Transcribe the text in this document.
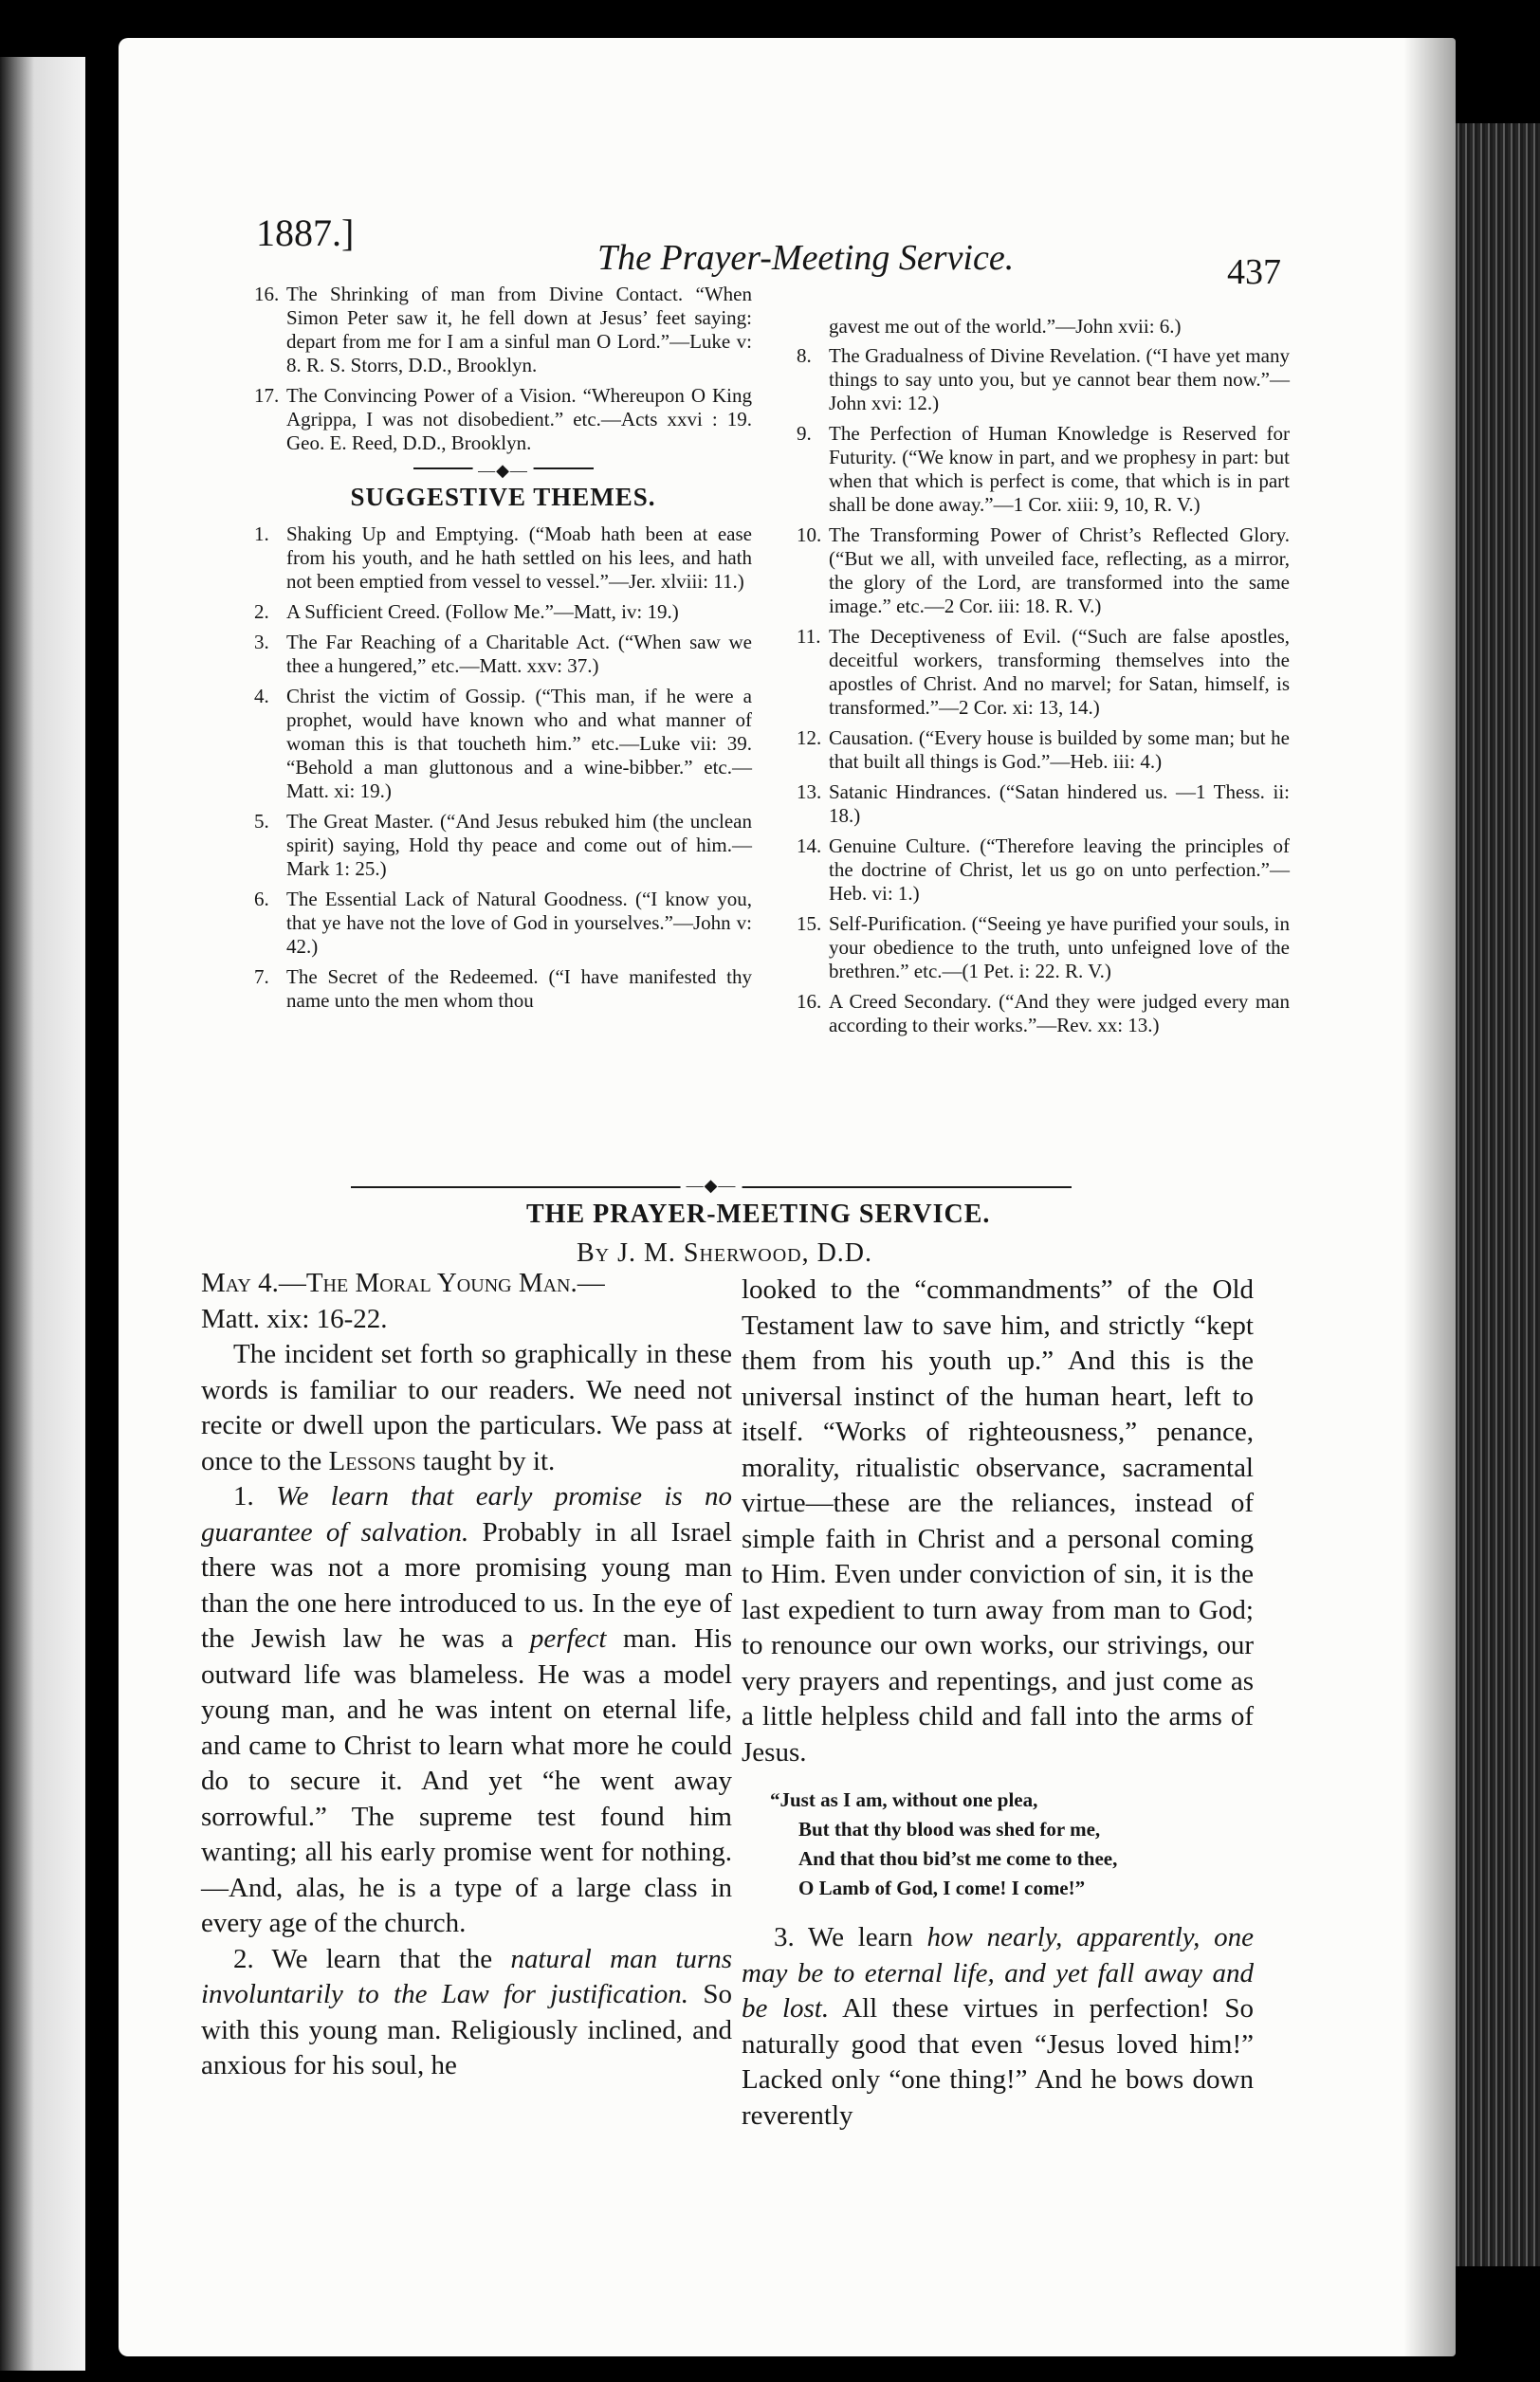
1887.]
The Prayer-Meeting Service.	437
16. The Shrinking of man from Divine Contact. “When Simon Peter saw it, he fell down at Jesus’ feet saying: depart from me for I am a sinful man O Lord.”—Luke v: 8. R. S. Storrs, D.D., Brooklyn.
17. The Convincing Power of a Vision. “Whereupon O King Agrippa, I was not disobedient.” etc.—Acts xxvi : 19. Geo. E. Reed, D.D., Brooklyn.
—◆—
SUGGESTIVE THEMES.
1. Shaking Up and Emptying. (“Moab hath been at ease from his youth, and he hath settled on his lees, and hath not been emptied from vessel to vessel.”—Jer. xlviii: 11.)
2. A Sufficient Creed. (Follow Me.”—Matt, iv: 19.)
3. The Far Reaching of a Charitable Act. (“When saw we thee a hungered,” etc.—Matt. xxv: 37.)
4. Christ the victim of Gossip. (“This man, if he were a prophet, would have known who and what manner of woman this is that toucheth him.” etc.—Luke vii: 39. “Behold a man gluttonous and a wine-bibber.” etc.—Matt. xi: 19.)
5. The Great Master. (“And Jesus rebuked him (the unclean spirit) saying, Hold thy peace and come out of him.—Mark 1: 25.)
6. The Essential Lack of Natural Goodness. (“I know you, that ye have not the love of God in yourselves.”—John v: 42.)
7. The Secret of the Redeemed. (“I have manifested thy name unto the men whom thou
gavest me out of the world.”—John xvii: 6.)
8. The Gradualness of Divine Revelation. (“I have yet many things to say unto you, but ye cannot bear them now.”—John xvi: 12.)
9. The Perfection of Human Knowledge is Reserved for Futurity. (“We know in part, and we prophesy in part: but when that which is perfect is come, that which is in part shall be done away.”—1 Cor. xiii: 9, 10, R. V.)
10. The Transforming Power of Christ’s Reflected Glory. (“But we all, with unveiled face, reflecting, as a mirror, the glory of the Lord, are transformed into the same image.” etc.—2 Cor. iii: 18. R. V.)
11. The Deceptiveness of Evil. (“Such are false apostles, deceitful workers, transforming themselves into the apostles of Christ. And no marvel; for Satan, himself, is transformed.”—2 Cor. xi: 13, 14.)
12. Causation. (“Every house is builded by some man; but he that built all things is God.”—Heb. iii: 4.)
13. Satanic Hindrances. (“Satan hindered us. —1 Thess. ii: 18.)
14. Genuine Culture. (“Therefore leaving the principles of the doctrine of Christ, let us go on unto perfection.”—Heb. vi: 1.)
15. Self-Purification. (“Seeing ye have purified your souls, in your obedience to the truth, unto unfeigned love of the brethren.” etc.—(1 Pet. i: 22. R. V.)
16. A Creed Secondary. (“And they were judged every man according to their works.”—Rev. xx: 13.)
—◆—
THE PRAYER-MEETING SERVICE.
By J. M. Sherwood, D.D.

May 4.—The Moral Young Man.—

Matt. xix: 16-22.

The incident set forth so graphically in these words is familiar to our readers. We need not recite or dwell upon the particulars. We pass at once to the Lessons taught by it.

1. We learn that early promise is no guarantee of salvation. Probably in all Israel there was not a more promising young man than the one here introduced to us. In the eye of the Jewish law he was a perfect man. His outward life was blameless. He was a model young man, and he was intent on eternal life, and came to Christ to learn what more he could do to secure it. And yet “he went away sorrowful.” The supreme test found him wanting; all his early promise went for nothing. —And, alas, he is a type of a large class in every age of the church.

2. We learn that the natural man turns involuntarily to the Law for justification. So with this young man. Religiously inclined, and anxious for his soul, he

looked to the “commandments” of the Old Testament law to save him, and strictly “kept them from his youth up.” And this is the universal instinct of the human heart, left to itself. “Works of righteousness,” penance, morality, ritualistic observance, sacramental virtue—these are the reliances, instead of simple faith in Christ and a personal coming to Him. Even under conviction of sin, it is the last expedient to turn away from man to God; to renounce our own works, our strivings, our very prayers and repentings, and just come as a little helpless child and fall into the arms of Jesus.

“Just as I am, without one plea,
But that thy blood was shed for me,
And that thou bid’st me come to thee,
O Lamb of God, I come! I come!”

3. We learn how nearly, apparently, one may be to eternal life, and yet fall away and be lost. All these virtues in perfection! So naturally good that even “Jesus loved him!” Lacked only “one thing!” And he bows down reverently
